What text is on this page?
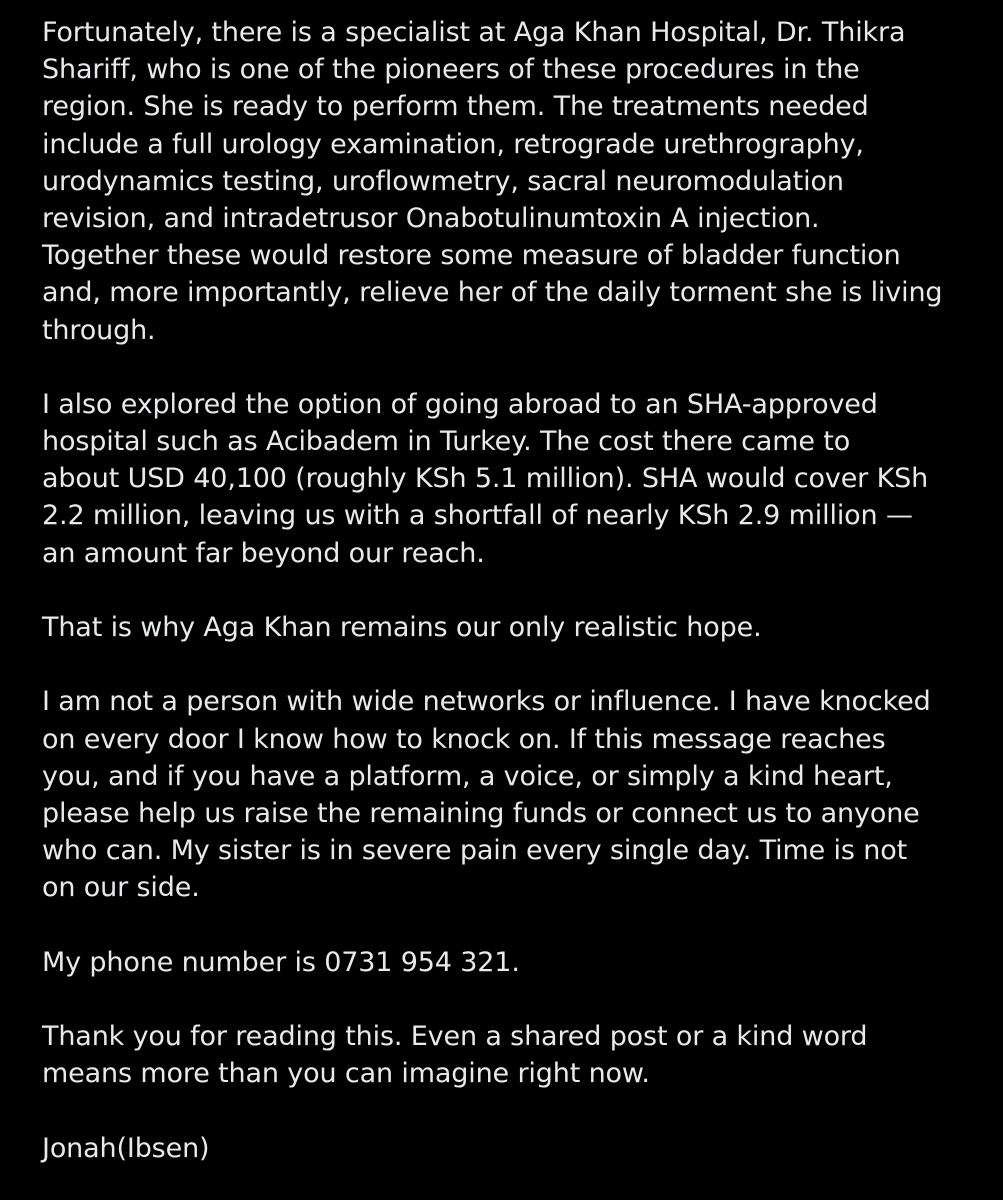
Fortunately, there is a specialist at Aga Khan Hospital, Dr. Thikra
Shariff, who is one of the pioneers of these procedures in the
region. She is ready to perform them. The treatments needed
include a full urology examination, retrograde urethrography,
urodynamics testing, uroflowmetry, sacral neuromodulation
revision, and intradetrusor Onabotulinumtoxin A injection.
Together these would restore some measure of bladder function
and, more importantly, relieve her of the daily torment she is living
through.
I also explored the option of going abroad to an SHA-approved
hospital such as Acibadem in Turkey. The cost there came to
about USD 40,100 (roughly KSh 5.1 million). SHA would cover KSh
2.2 million, leaving us with a shortfall of nearly KSh 2.9 million —
an amount far beyond our reach.
That is why Aga Khan remains our only realistic hope.
I am not a person with wide networks or influence. I have knocked
on every door I know how to knock on. If this message reaches
you, and if you have a platform, a voice, or simply a kind heart,
please help us raise the remaining funds or connect us to anyone
who can. My sister is in severe pain every single day. Time is not
on our side.
My phone number is 0731 954 321.
Thank you for reading this. Even a shared post or a kind word
means more than you can imagine right now.
Jonah(Ibsen)
